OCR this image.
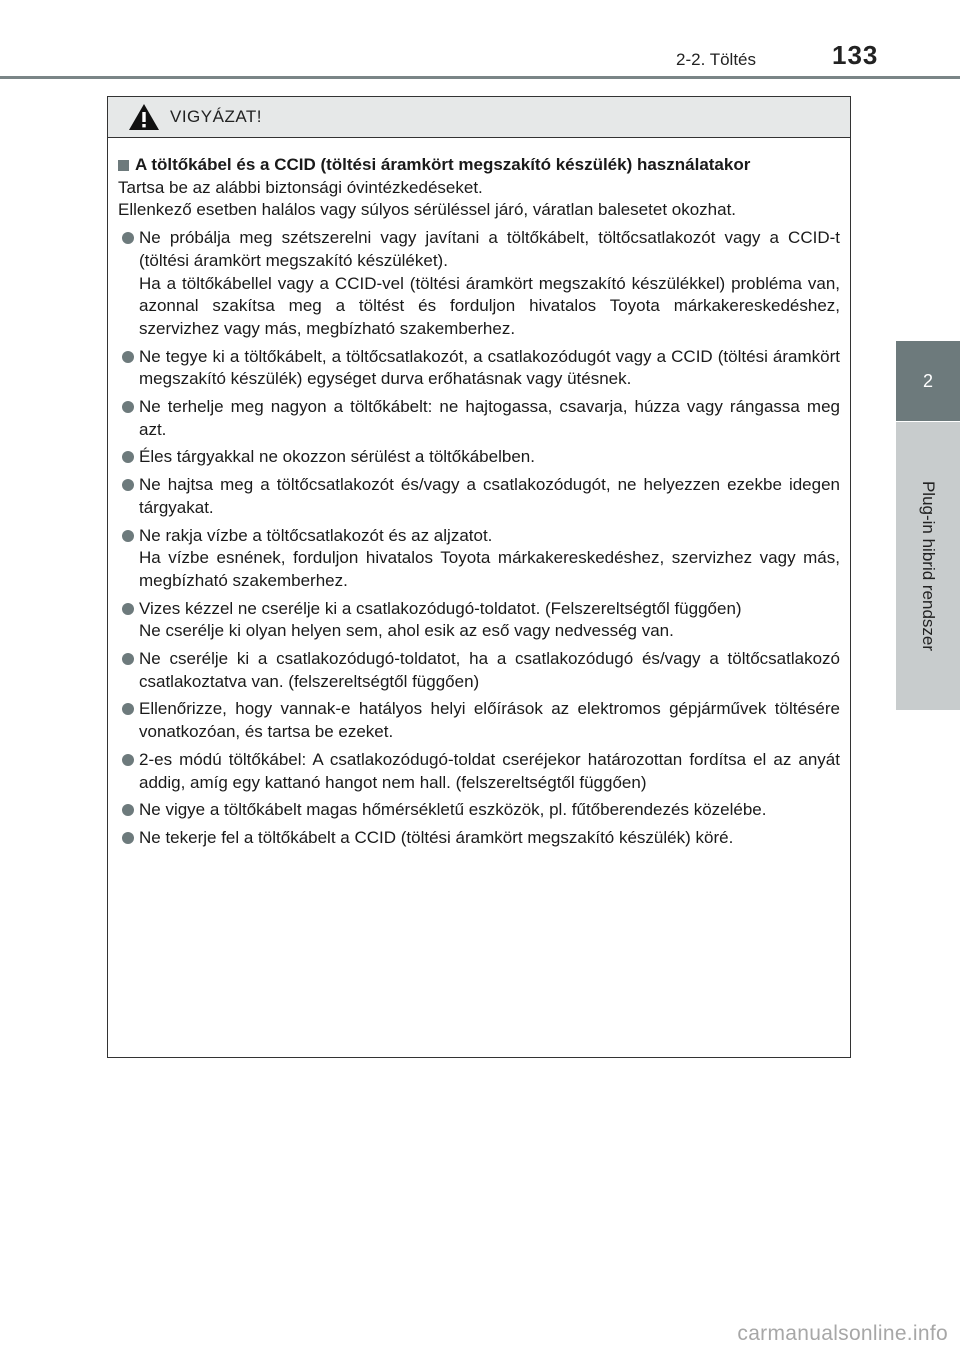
2-2. Töltés	133
2
Plug-in hibrid rendszer
VIGYÁZAT!
A töltőkábel és a CCID (töltési áramkört megszakító készülék) használatakor
Tartsa be az alábbi biztonsági óvintézkedéseket.
Ellenkező esetben halálos vagy súlyos sérüléssel járó, váratlan balesetet okozhat.

Ne próbálja meg szétszerelni vagy javítani a töltőkábelt, töltőcsatlakozót vagy a CCID-t (töltési áramkört megszakító készüléket).

Ha a töltőkábellel vagy a CCID-vel (töltési áramkört megszakító készülékkel) probléma van, azonnal szakítsa meg a töltést és forduljon hivatalos Toyota márkakereskedéshez, szervizhez vagy más, megbízható szakemberhez.

Ne tegye ki a töltőkábelt, a töltőcsatlakozót, a csatlakozódugót vagy a CCID (töltési áramkört megszakító készülék) egységet durva erőhatásnak vagy ütésnek.

Ne terhelje meg nagyon a töltőkábelt: ne hajtogassa, csavarja, húzza vagy rángassa meg azt.

Éles tárgyakkal ne okozzon sérülést a töltőkábelben.

Ne hajtsa meg a töltőcsatlakozót és/vagy a csatlakozódugót, ne helyezzen ezekbe idegen tárgyakat.

Ne rakja vízbe a töltőcsatlakozót és az aljzatot.

Ha vízbe esnének, forduljon hivatalos Toyota márkakereskedéshez, szervizhez vagy más, megbízható szakemberhez.

Vizes kézzel ne cserélje ki a csatlakozódugó-toldatot. (Felszereltségtől függően)

Ne cserélje ki olyan helyen sem, ahol esik az eső vagy nedvesség van.

Ne cserélje ki a csatlakozódugó-toldatot, ha a csatlakozódugó és/vagy a töltőcsatlakozó csatlakoztatva van. (felszereltségtől függően)

Ellenőrizze, hogy vannak-e hatályos helyi előírások az elektromos gépjárművek töltésére vonatkozóan, és tartsa be ezeket.

2-es módú töltőkábel: A csatlakozódugó-toldat cseréjekor határozottan fordítsa el az anyát addig, amíg egy kattanó hangot nem hall. (felszereltségtől függően)

Ne vigye a töltőkábelt magas hőmérsékletű eszközök, pl. fűtőberendezés közelébe.

Ne tekerje fel a töltőkábelt a CCID (töltési áramkört megszakító készülék) köré.

carmanualsonline.info
